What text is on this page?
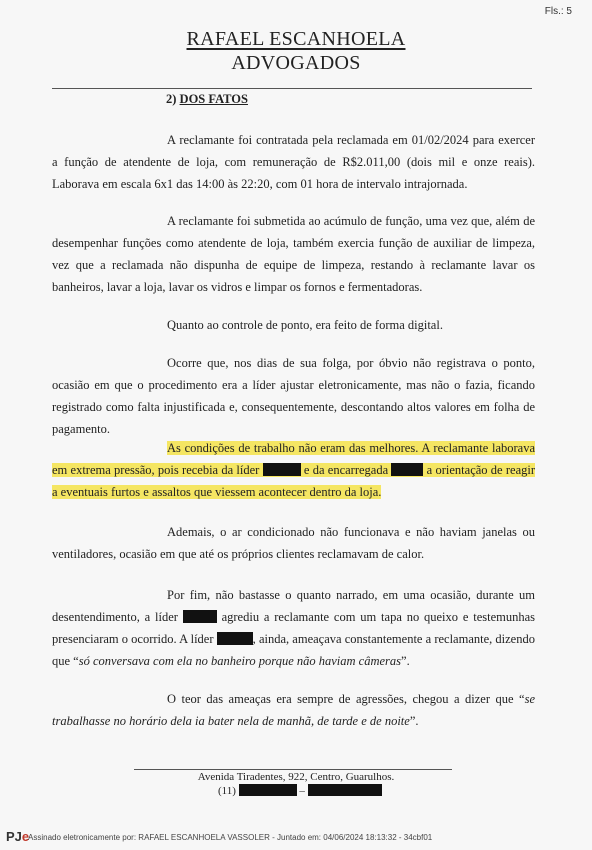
Fls.: 5
RAFAEL ESCANHOELA
ADVOGADOS
2) DOS FATOS
A reclamante foi contratada pela reclamada em 01/02/2024 para exercer a função de atendente de loja, com remuneração de R$2.011,00 (dois mil e onze reais). Laborava em escala 6x1 das 14:00 às 22:20, com 01 hora de intervalo intrajornada.
A reclamante foi submetida ao acúmulo de função, uma vez que, além de desempenhar funções como atendente de loja, também exercia função de auxiliar de limpeza, vez que a reclamada não dispunha de equipe de limpeza, restando à reclamante lavar os banheiros, lavar a loja, lavar os vidros e limpar os fornos e fermentadoras.
Quanto ao controle de ponto, era feito de forma digital.
Ocorre que, nos dias de sua folga, por óbvio não registrava o ponto, ocasião em que o procedimento era a líder ajustar eletronicamente, mas não o fazia, ficando registrado como falta injustificada e, consequentemente, descontando altos valores em folha de pagamento.
As condições de trabalho não eram das melhores. A reclamante laborava em extrema pressão, pois recebia da líder	e da encarregada	a orientação de reagir a eventuais furtos e assaltos que viessem acontecer dentro da loja.
Ademais, o ar condicionado não funcionava e não haviam janelas ou ventiladores, ocasião em que até os próprios clientes reclamavam de calor.
Por fim, não bastasse o quanto narrado, em uma ocasião, durante um desentendimento, a líder	agrediu a reclamante com um tapa no queixo e testemunhas presenciaram o ocorrido. A líder	, ainda, ameaçava constantemente a reclamante, dizendo que “só conversava com ela no banheiro porque não haviam câmeras”.
O teor das ameaças era sempre de agressões, chegou a dizer que “se trabalhasse no horário dela ia bater nela de manhã, de tarde e de noite”.
Avenida Tiradentes, 922, Centro, Guarulhos.
(11)	–
PJe
Assinado eletronicamente por: RAFAEL ESCANHOELA VASSOLER - Juntado em: 04/06/2024 18:13:32 - 34cbf01
